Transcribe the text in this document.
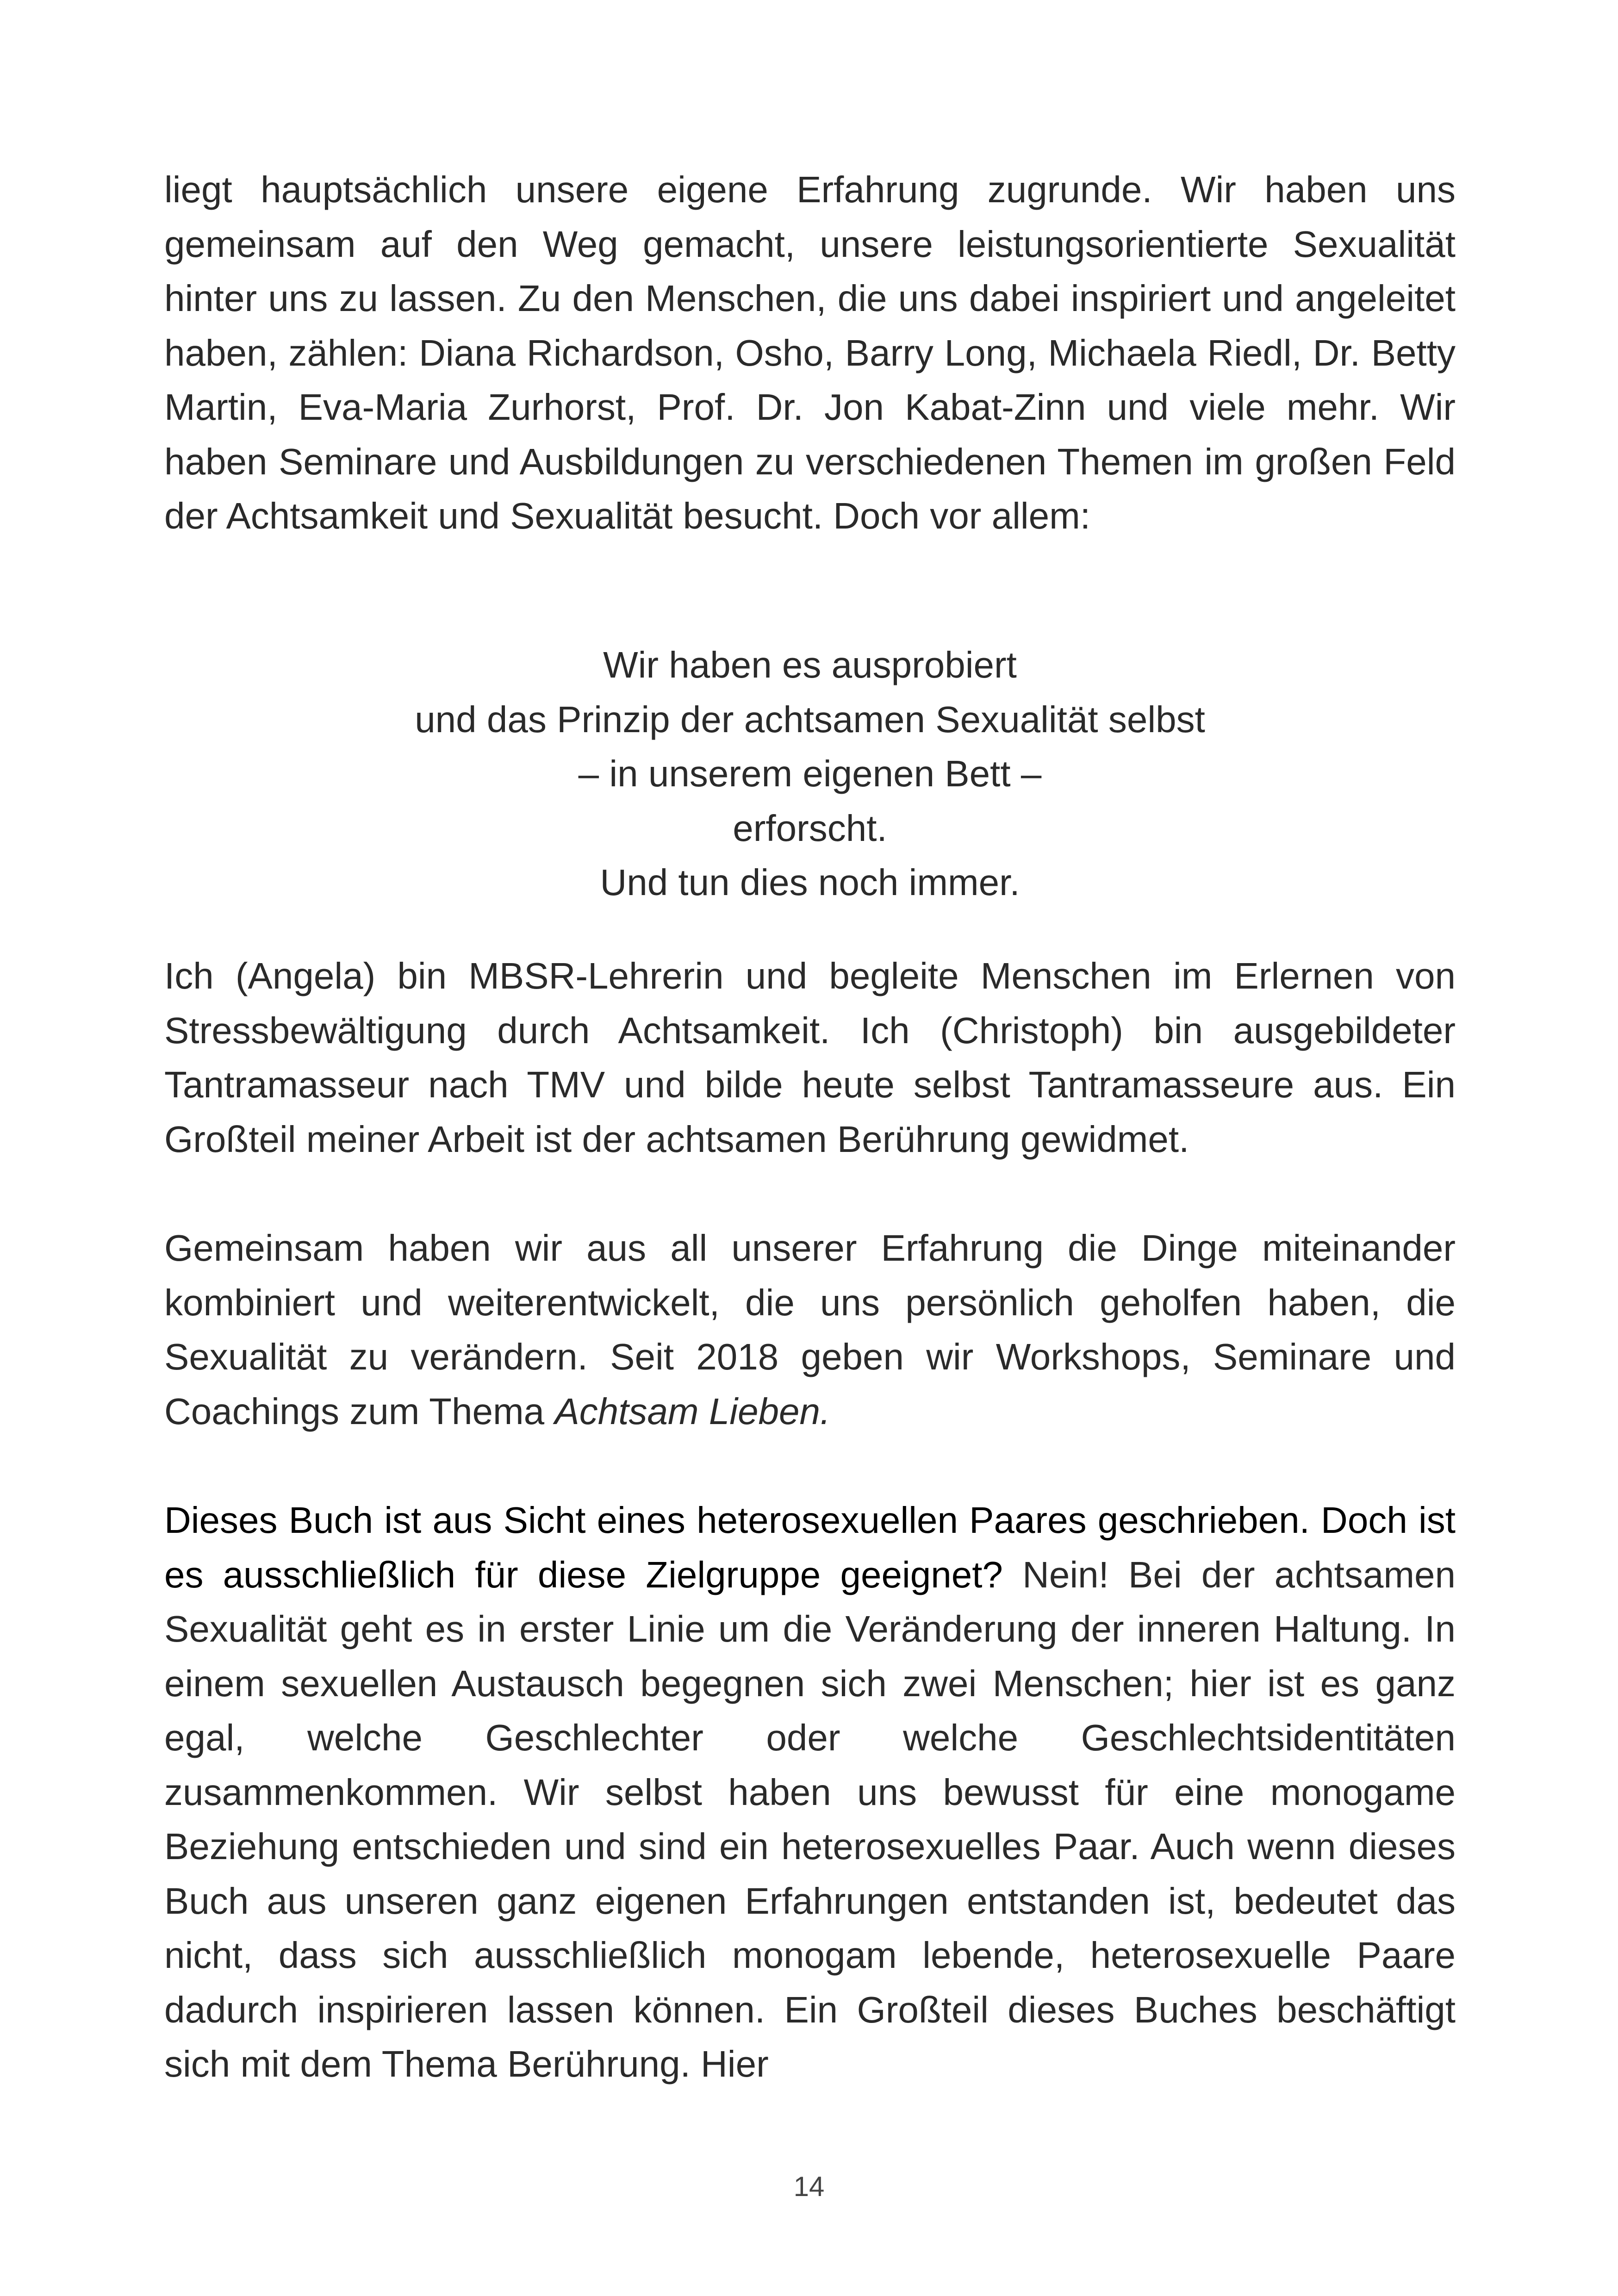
liegt hauptsächlich unsere eigene Erfahrung zugrunde. Wir haben uns gemeinsam auf den Weg gemacht, unsere leistungsorientierte Sexualität hinter uns zu lassen. Zu den Menschen, die uns dabei inspiriert und angeleitet haben, zählen: Diana Richardson, Osho, Barry Long, Michaela Riedl, Dr. Betty Martin, Eva-Maria Zurhorst, Prof. Dr. Jon Kabat-Zinn und viele mehr. Wir haben Seminare und Ausbildungen zu verschiedenen Themen im großen Feld der Achtsamkeit und Sexualität besucht. Doch vor allem:

Wir haben es ausprobiert
und das Prinzip der achtsamen Sexualität selbst
– in unserem eigenen Bett –
erforscht.
Und tun dies noch immer.

Ich (Angela) bin MBSR-Lehrerin und begleite Menschen im Erlernen von Stressbewältigung durch Achtsamkeit. Ich (Christoph) bin ausgebildeter Tantramasseur nach TMV und bilde heute selbst Tantramasseure aus. Ein Großteil meiner Arbeit ist der achtsamen Berührung gewidmet.

Gemeinsam haben wir aus all unserer Erfahrung die Dinge miteinander kombiniert und weiterentwickelt, die uns persönlich geholfen haben, die Sexualität zu verändern. Seit 2018 geben wir Workshops, Seminare und Coachings zum Thema Achtsam Lieben.

Dieses Buch ist aus Sicht eines heterosexuellen Paares geschrieben. Doch ist es ausschließlich für diese Zielgruppe geeignet? Nein! Bei der achtsamen Sexualität geht es in erster Linie um die Veränderung der inneren Haltung. In einem sexuellen Austausch begegnen sich zwei Menschen; hier ist es ganz egal, welche Geschlechter oder welche Geschlechtsidentitäten zusammenkommen. Wir selbst haben uns bewusst für eine monogame Beziehung entschieden und sind ein heterosexuelles Paar. Auch wenn dieses Buch aus unseren ganz eigenen Erfahrungen entstanden ist, bedeutet das nicht, dass sich ausschließlich monogam lebende, heterosexuelle Paare dadurch inspirieren lassen können. Ein Großteil dieses Buches beschäftigt sich mit dem Thema Berührung. Hier

14
